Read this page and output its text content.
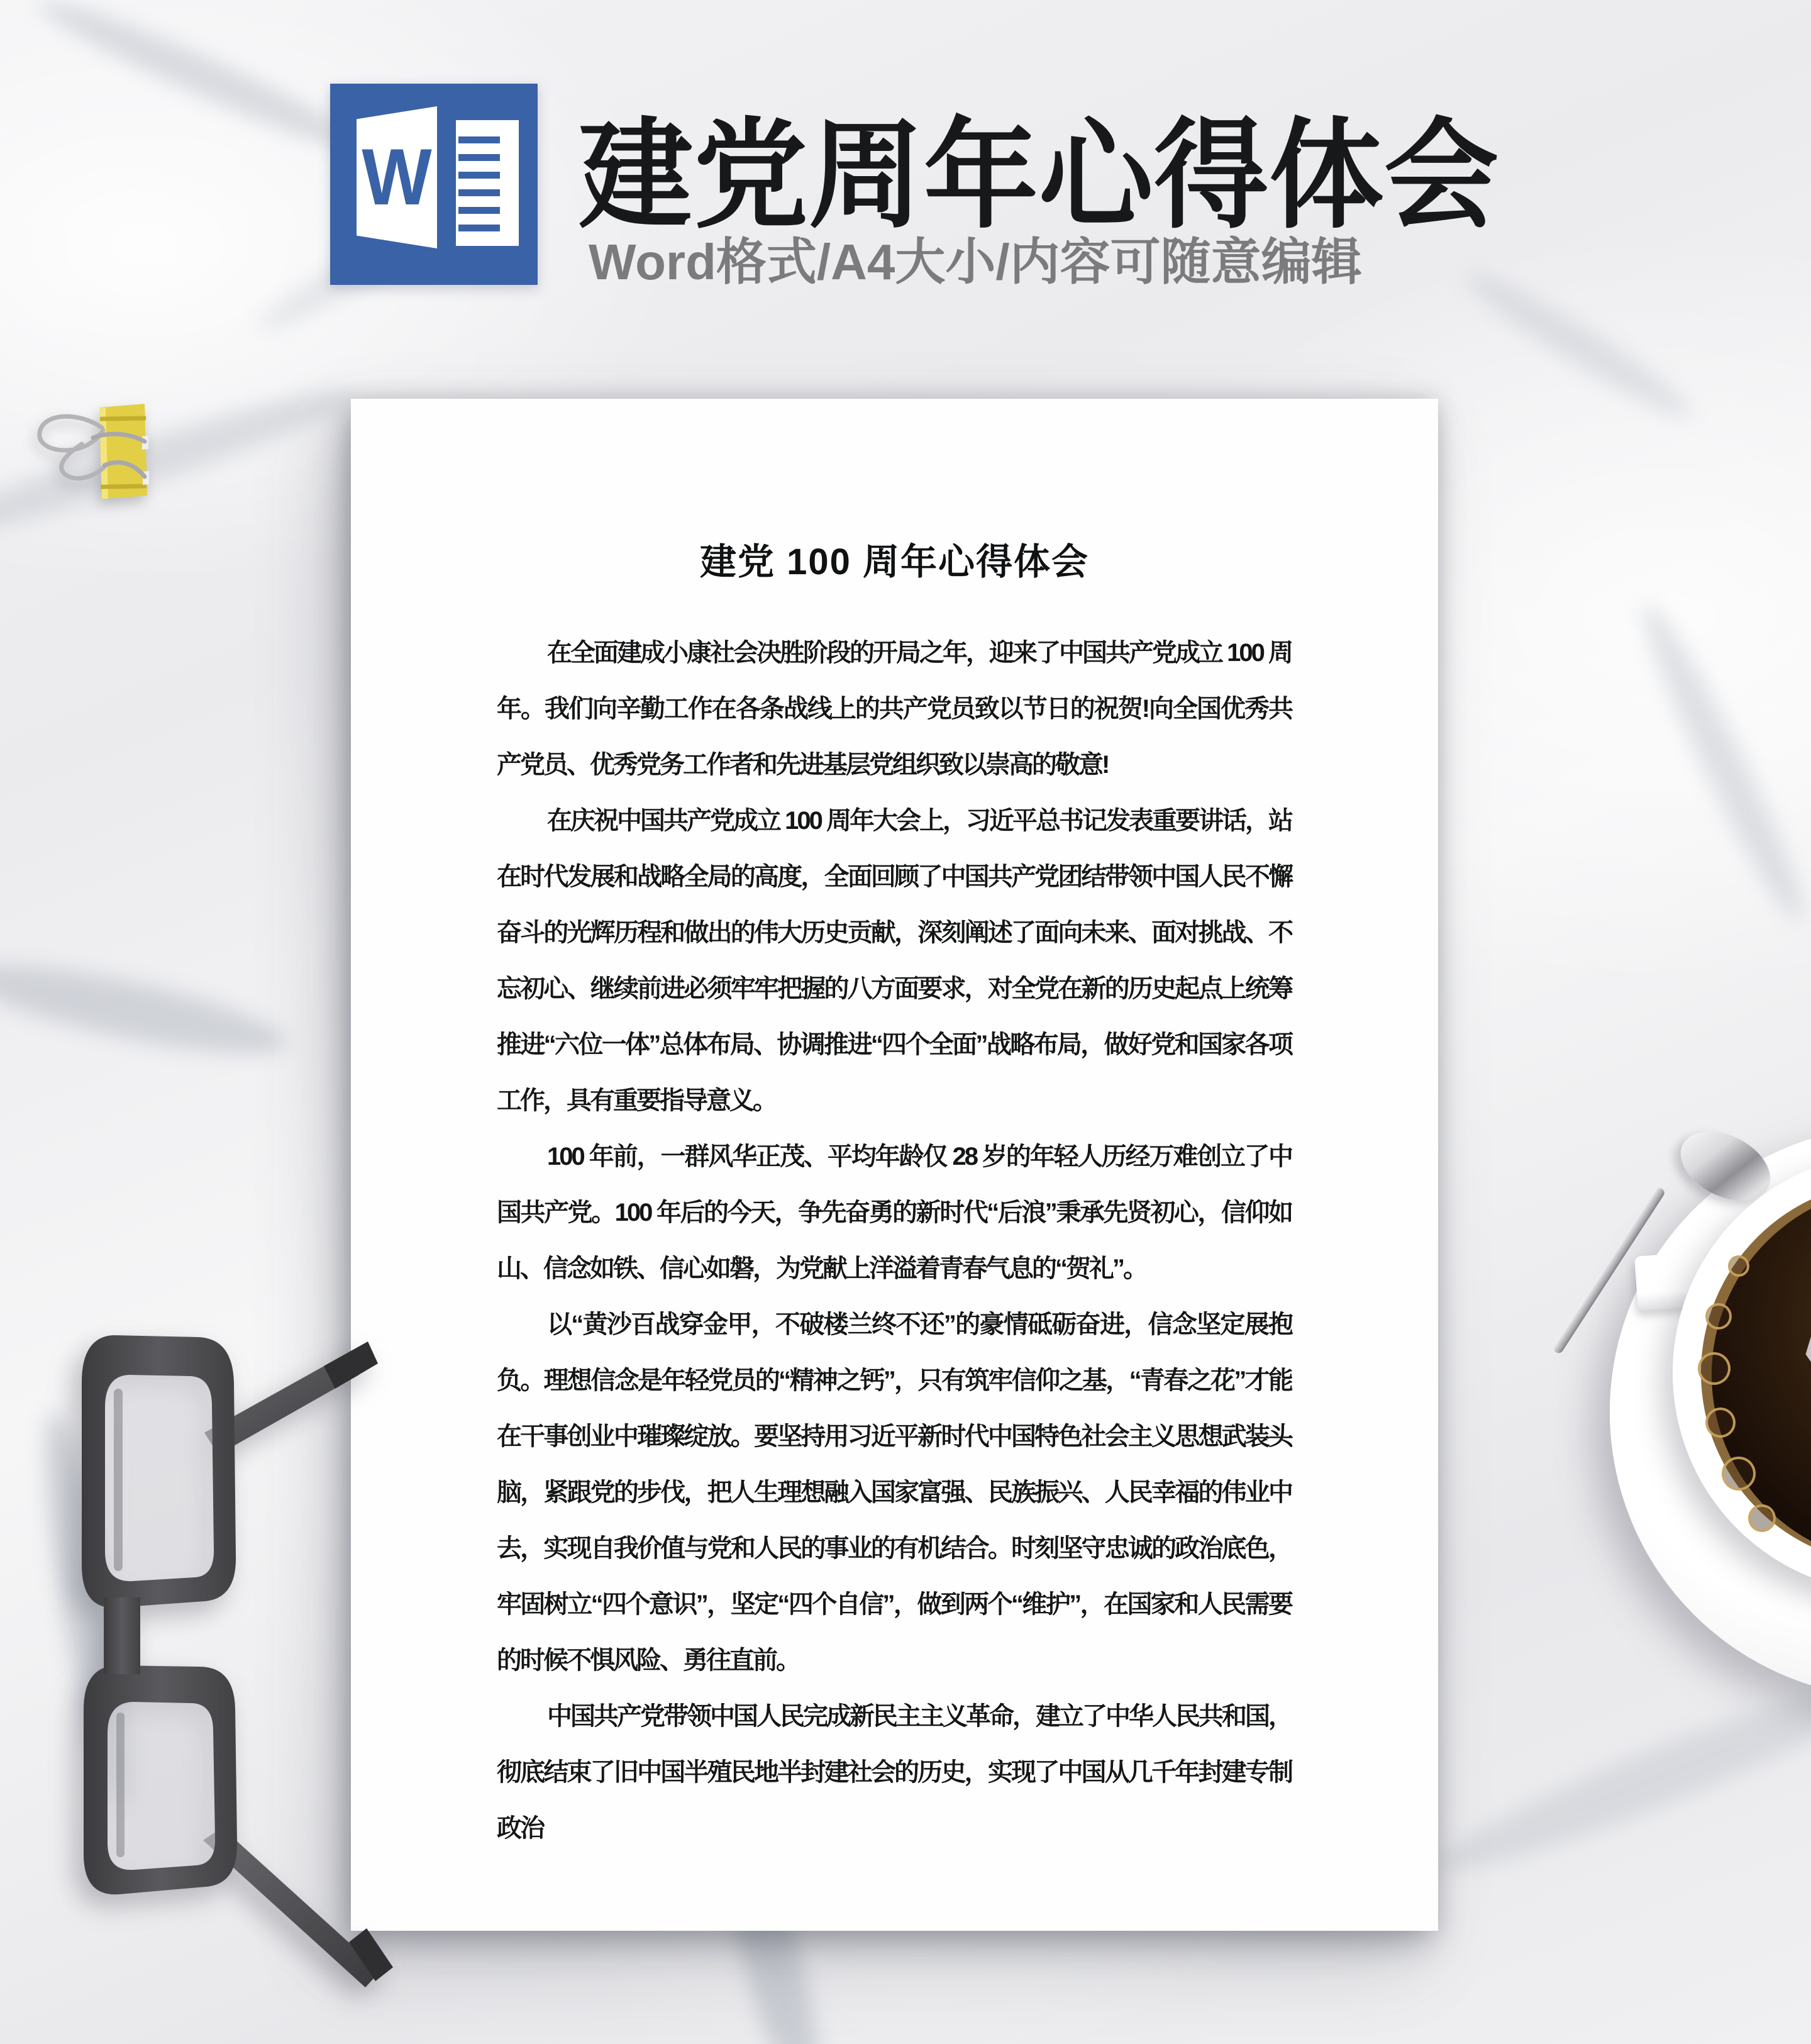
W 建党周年心得体会
Word格式/A4大小/内容可随意编辑
建党 100 周年心得体会

在全面建成小康社会决胜阶段的开局之年，迎来了中国共产党成立 100 周年。我们向辛勤工作在各条战线上的共产党员致以节日的祝贺!向全国优秀共产党员、优秀党务工作者和先进基层党组织致以崇高的敬意!

在庆祝中国共产党成立 100 周年大会上，习近平总书记发表重要讲话，站在时代发展和战略全局的高度，全面回顾了中国共产党团结带领中国人民不懈奋斗的光辉历程和做出的伟大历史贡献，深刻阐述了面向未来、面对挑战、不忘初心、继续前进必须牢牢把握的八方面要求，对全党在新的历史起点上统筹推进“六位一体”总体布局、协调推进“四个全面”战略布局，做好党和国家各项工作，具有重要指导意义。

100 年前，一群风华正茂、平均年龄仅 28 岁的年轻人历经万难创立了中国共产党。100 年后的今天，争先奋勇的新时代“后浪”秉承先贤初心，信仰如山、信念如铁、信心如磐，为党献上洋溢着青春气息的“贺礼”。

以“黄沙百战穿金甲，不破楼兰终不还”的豪情砥砺奋进，信念坚定展抱负。理想信念是年轻党员的“精神之钙”，只有筑牢信仰之基，“青春之花”才能在干事创业中璀璨绽放。要坚持用习近平新时代中国特色社会主义思想武装头脑，紧跟党的步伐，把人生理想融入国家富强、民族振兴、人民幸福的伟业中去，实现自我价值与党和人民的事业的有机结合。时刻坚守忠诚的政治底色，牢固树立“四个意识”，坚定“四个自信”，做到两个“维护”，在国家和人民需要的时候不惧风险、勇往直前。

中国共产党带领中国人民完成新民主主义革命，建立了中华人民共和国，彻底结束了旧中国半殖民地半封建社会的历史，实现了中国从几千年封建专制政治
